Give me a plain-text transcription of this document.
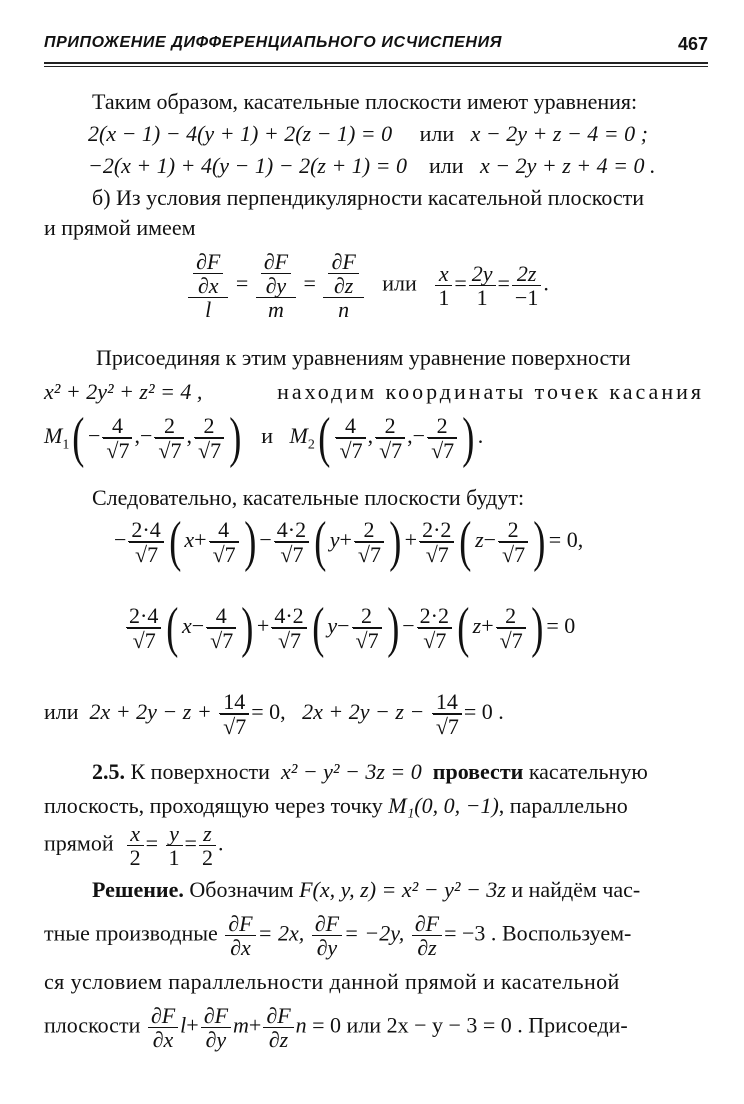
ПРИПОЖЕНИЕ ДИФФЕРЕНЦИАПЬНОГО ИСЧИСПЕНИЯ	467
Таким образом, касательные плоскости имеют уравнения:
2(x − 1) − 4(y + 1) + 2(z − 1) = 0 или x − 2y + z − 4 = 0 ;
−2(x + 1) + 4(y − 1) − 2(z + 1) = 0 или x − 2y + z + 4 = 0 .
б) Из условия перпендикулярности касательной плоскости
и прямой имеем
$\frac{\frac{\partial F}{\partial x}}{l} = \frac{\frac{\partial F}{\partial y}}{m} = \frac{\frac{\partial F}{\partial z}}{n}$ или $\frac{x}{1} = \frac{2y}{1} = \frac{2z}{-1}$ .
Присоединяя к этим уравнениям уравнение поверхности
x² + 2y² + z² = 4 ,	находим координаты точек касания
$M_1( - 4$
√ 7 ,− 2
√ 7 , 2
√ 7 ) и $M_2$( 4
√ 7 , 2
√ 7 ,− 2
√ 7 ) .
Следовательно, касательные плоскости будут:
− 2·4
√ 7 ( x+ 4
√ 7 ) − 4·2
√ 7 ( y+ 2
√ 7 ) + 2·2
√ 7 ( z− 2
√ 7 ) = 0,
2·4
√ 7 ( x− 4
√ 7 ) + 4·2
√ 7 ( y− 2
√ 7 ) − 2·2
√ 7 ( z+ 2
√ 7 ) = 0
или 2x + 2y − z + 14
√ 7 = 0, 2x + 2y − z − 14
√ 7 = 0 .
2.5. К поверхности x² − y² − 3z = 0 провести касательную
плоскость, проходящую через точку M₁(0, 0, −1), параллельно
прямой $\frac{x}{2} = \frac{y}{1} = \frac{z}{2}$ .
Решение. Обозначим F(x, y, z) = x² − y² − 3z и найдём час-
тные производные $\frac{\partial F}{\partial x} = 2x$, $\frac{\partial F}{\partial y} = -2y$, $\frac{\partial F}{\partial z} = -3$ . Воспользуем-
ся условием параллельности данной прямой и касательной
плоскости $\frac{\partial F}{\partial x} l+ \frac{\partial F}{\partial y} m+ \frac{\partial F}{\partial z}$ n = 0 или 2x − y − 3 = 0 . Присоеди-
